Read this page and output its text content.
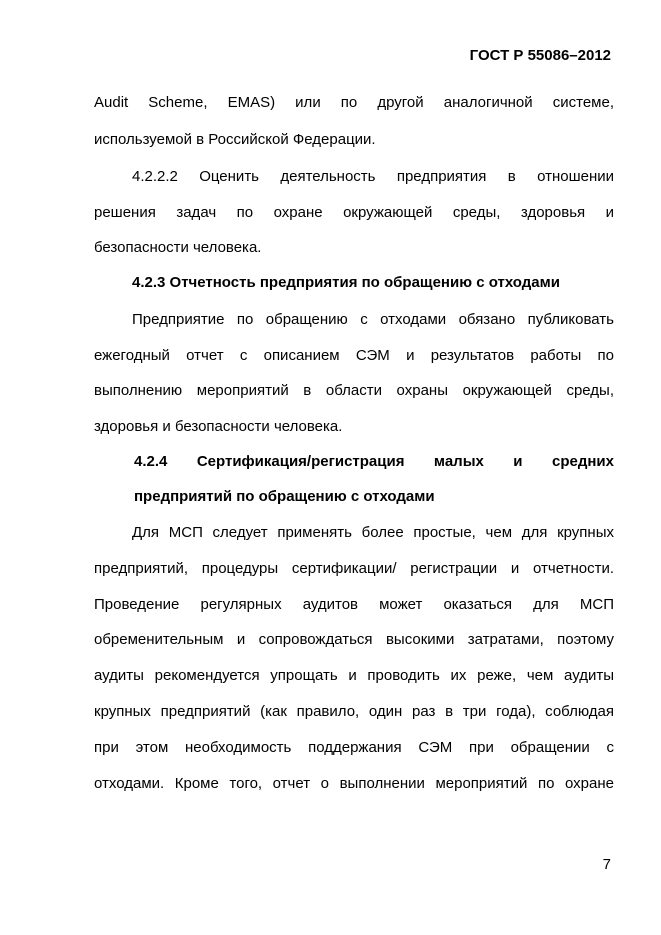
ГОСТ Р 55086–2012
Audit Scheme, EMAS) или по другой аналогичной системе,
используемой в Российской Федерации.
4.2.2.2 Оценить деятельность предприятия в отношении
решения задач по охране окружающей среды, здоровья и
безопасности человека.
4.2.3 Отчетность предприятия по обращению с отходами
Предприятие по обращению с отходами обязано публиковать
ежегодный отчет с описанием СЭМ и результатов работы по
выполнению мероприятий в области охраны окружающей среды,
здоровья и безопасности человека.
4.2.4 Сертификация/регистрация малых и средних
предприятий по обращению с отходами
Для МСП следует применять более простые, чем для крупных
предприятий, процедуры сертификации/ регистрации и отчетности.
Проведение регулярных аудитов может оказаться для МСП
обременительным и сопровождаться высокими затратами, поэтому
аудиты рекомендуется упрощать и проводить их реже, чем аудиты
крупных предприятий (как правило, один раз в три года), соблюдая
при этом необходимость поддержания СЭМ при обращении с
отходами. Кроме того, отчет о выполнении мероприятий по охране
7
